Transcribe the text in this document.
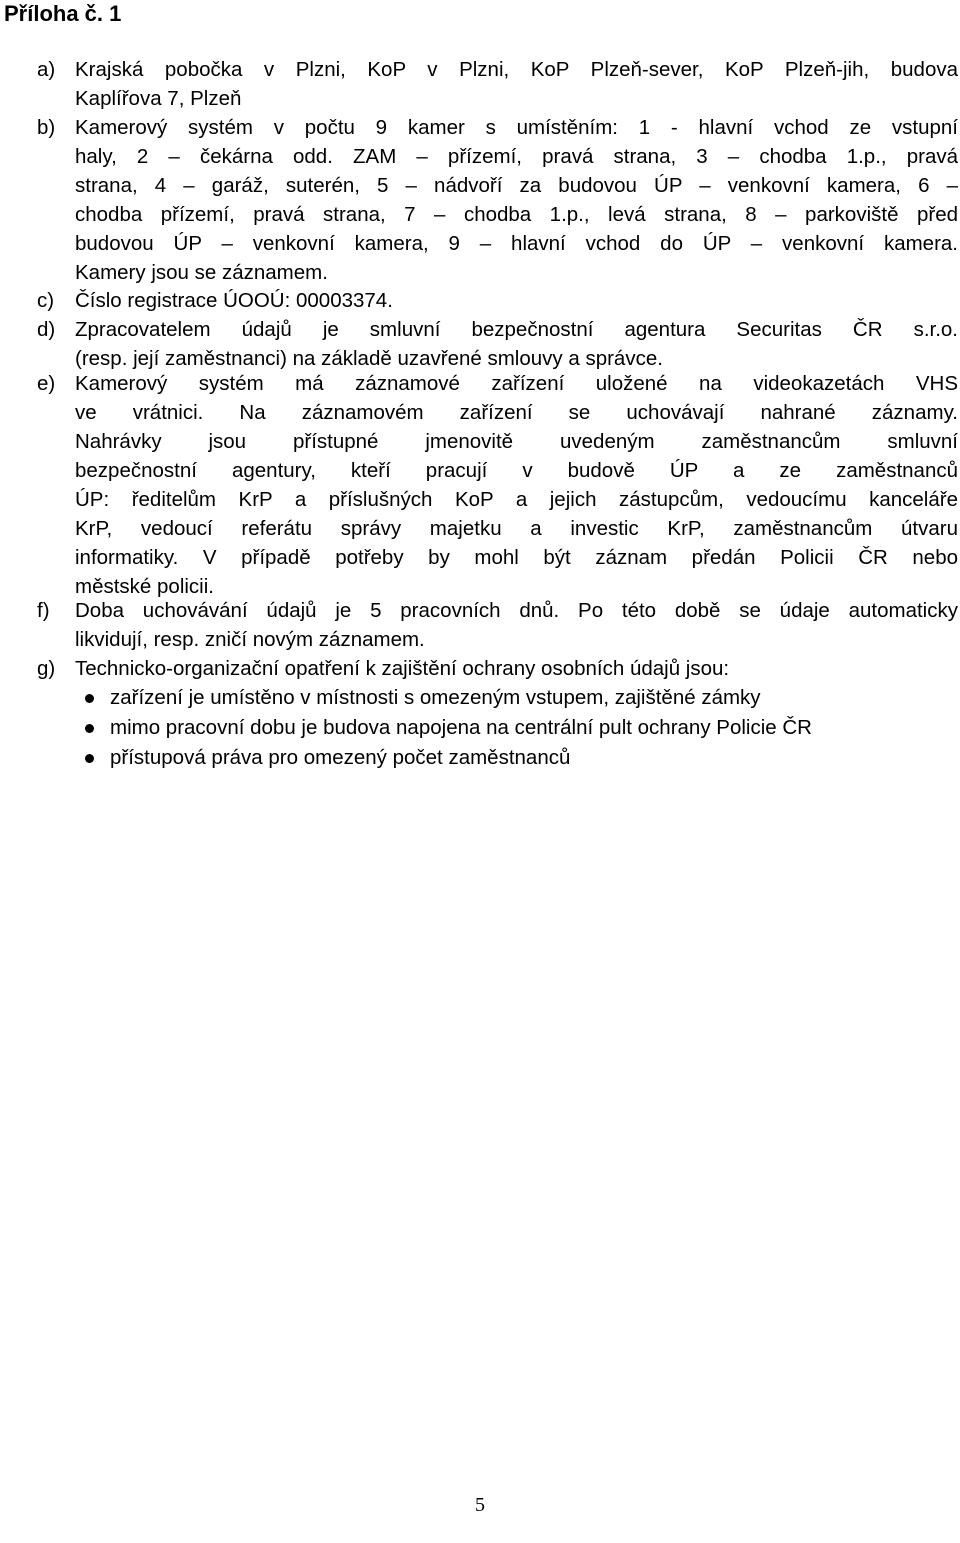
Příloha č. 1
a) Krajská pobočka v Plzni, KoP v Plzni, KoP Plzeň-sever, KoP Plzeň-jih, budova
Kaplířova 7, Plzeň
b) Kamerový systém v počtu 9 kamer s umístěním: 1 - hlavní vchod ze vstupní
haly, 2 – čekárna odd. ZAM – přízemí, pravá strana, 3 – chodba 1.p., pravá
strana, 4 – garáž, suterén, 5 – nádvoří za budovou ÚP – venkovní kamera, 6 –
chodba přízemí, pravá strana, 7 – chodba 1.p., levá strana, 8 – parkoviště před
budovou ÚP – venkovní kamera, 9 – hlavní vchod do ÚP – venkovní kamera.
Kamery jsou se záznamem.
c)	Číslo registrace ÚOOÚ: 00003374.
d) Zpracovatelem údajů je smluvní bezpečnostní agentura Securitas ČR s.r.o.
(resp. její zaměstnanci) na základě uzavřené smlouvy a správce.
e) Kamerový systém má záznamové zařízení uložené na videokazetách VHS
ve vrátnici. Na záznamovém zařízení se uchovávají nahrané záznamy.
Nahrávky jsou přístupné jmenovitě uvedeným zaměstnancům smluvní
bezpečnostní agentury, kteří pracují v budově ÚP a ze zaměstnanců
ÚP: ředitelům KrP a příslušných KoP a jejich zástupcům, vedoucímu kanceláře
KrP, vedoucí referátu správy majetku a investic KrP, zaměstnancům útvaru
informatiky. V případě potřeby by mohl být záznam předán Policii ČR nebo
městské policii.
f)	Doba uchovávání údajů je 5 pracovních dnů. Po této době se údaje automaticky
likvidují, resp. zničí novým záznamem.
g) Technicko-organizační opatření k zajištění ochrany osobních údajů jsou:
zařízení je umístěno v místnosti s omezeným vstupem, zajištěné zámky
mimo pracovní dobu je budova napojena na centrální pult ochrany Policie ČR
přístupová práva pro omezený počet zaměstnanců
5
